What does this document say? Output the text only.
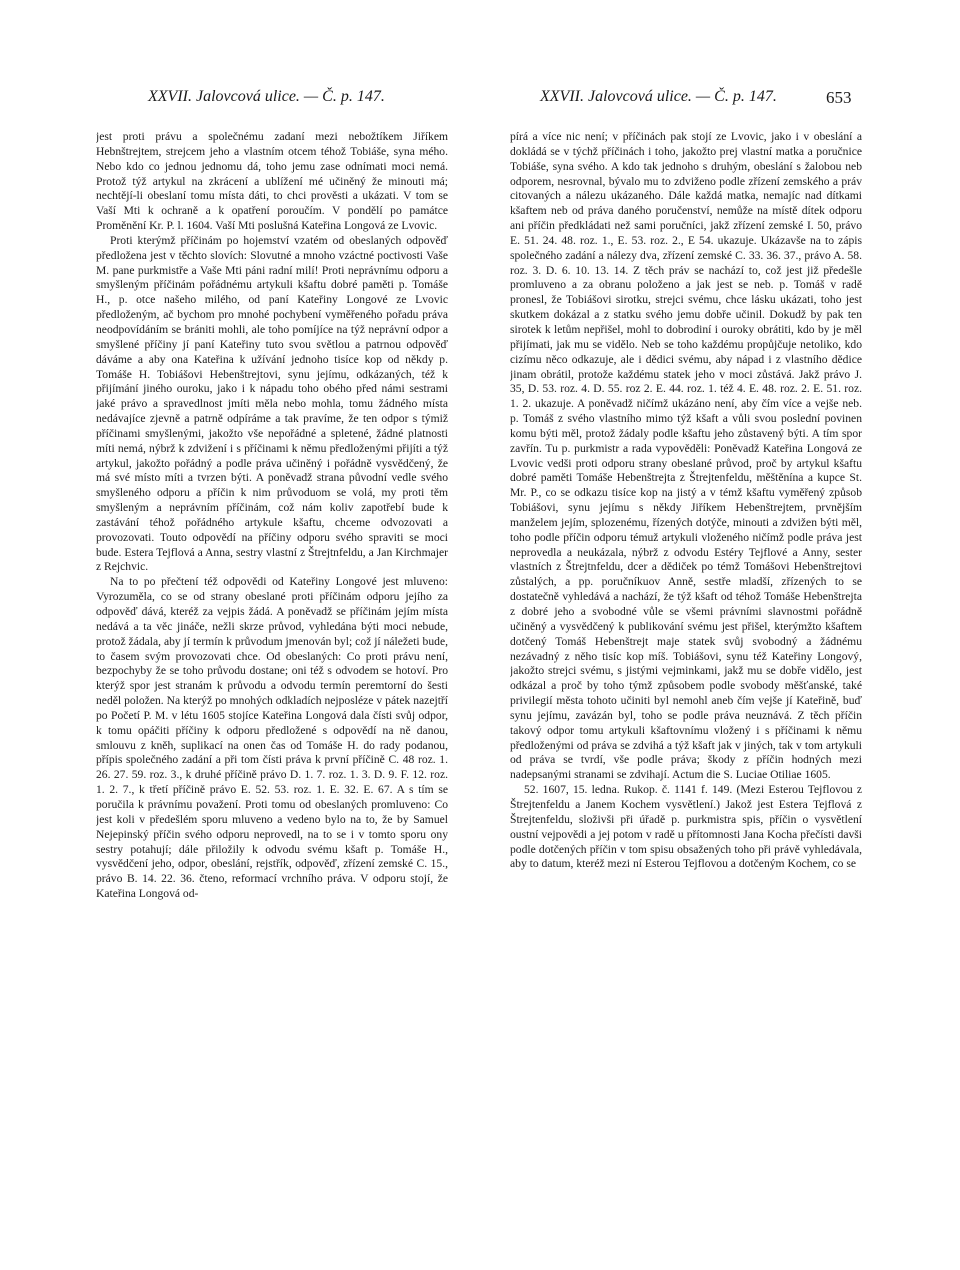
XXVII. Jalovcová ulice. — Č. p. 147.	XXVII. Jalovcová ulice. — Č. p. 147.	653

jest proti právu a společnému zadaní mezi nebožtíkem Jiříkem Hebnštrejtem, strejcem jeho a vlastním otcem téhož Tobiáše, syna mého. Nebo kdo co jednou jednomu dá, toho jemu zase odnímati moci nemá. Protož týž artykul na zkrácení a ublížení mé učiněný že minouti má; nechtějí-li obeslaní tomu místa dáti, to chci prověsti a ukázati. V tom se Vaší Mti k ochraně a k opatření poroučím. V pondělí po památce Proměnění Kr. P. l. 1604. Vaší Mti poslušná Kateřina Longová ze Lvovic.

Proti kterýmž příčinám po hojemství vzatém od obeslaných odpověď předložena jest v těchto slovích: Slovutné a mnoho vzáctné poctivosti Vaše M. pane purkmistře a Vaše Mti páni radní milí! Proti neprávnímu odporu a smyšleným příčinám pořádnému artykuli kšaftu dobré paměti p. Tomáše H., p. otce našeho milého, od paní Kateřiny Longové ze Lvovic předloženým, ač bychom pro mnohé pochybení vyměřeného pořadu práva neodpovídáním se brániti mohli, ale toho pomíjíce na týž neprávní odpor a smyšlené příčiny jí paní Kateřiny tuto svou světlou a patrnou odpověď dáváme a aby ona Kateřina k užívání jednoho tisíce kop od někdy p. Tomáše H. Tobiášovi Hebenštrejtovi, synu jejímu, odkázaných, též k přijímání jiného ouroku, jako i k nápadu toho obého před námi sestrami jaké právo a spravedlnost jmíti měla nebo mohla, tomu žádného místa nedávajíce zjevně a patrně odpíráme a tak pravíme, že ten odpor s týmiž příčinami smyšlenými, jakožto vše nepořádné a spletené, žádné platnosti míti nemá, nýbrž k zdvižení i s příčinami k němu předloženými přijíti a týž artykul, jakožto pořádný a podle práva učiněný i pořádně vysvědčený, že má své místo míti a tvrzen býti. A poněvadž strana původní vedle svého smyšleného odporu a příčin k nim průvoduom se volá, my proti těm smyšleným a neprávním příčinám, což nám koliv zapotřebí bude k zastávání téhož pořádného artykule kšaftu, chceme odvozovati a provozovati. Touto odpovědí na příčiny odporu svého spraviti se moci bude. Estera Tejflová a Anna, sestry vlastní z Štrejtnfeldu, a Jan Kirchmajer z Rejchvic.

Na to po přečtení též odpovědi od Kateřiny Longové jest mluveno: Vyrozuměla, co se od strany obeslané proti příčinám odporu jejího za odpověď dává, kteréž za vejpis žádá. A poněvadž se příčinám jejím místa nedává a ta věc jináče, nežli skrze průvod, vyhledána býti moci nebude, protož žádala, aby jí termín k průvodum jmenován byl; což jí náležeti bude, to časem svým provozovati chce. Od obeslaných: Co proti právu není, bezpochyby že se toho průvodu dostane; oni též s odvodem se hotoví. Pro kterýž spor jest stranám k průvodu a odvodu termín peremtorní do šesti neděl položen. Na kterýž po mnohých odkladích nejposléze v pátek nazejtří po Početí P. M. v létu 1605 stojíce Kateřina Longová dala čísti svůj odpor, k tomu opáčiti příčiny k odporu předložené s odpovědí na ně danou, smlouvu z kněh, suplikací na onen čas od Tomáše H. do rady podanou, přípis společného zadání a při tom čísti práva k první příčině C. 48 roz. 1. 26. 27. 59. roz. 3., k druhé příčině právo D. 1. 7. roz. 1. 3. D. 9. F. 12. roz. 1. 2. 7., k třetí příčině právo E. 52. 53. roz. 1. E. 32. E. 67. A s tím se poručila k právnímu považení. Proti tomu od obeslaných promluveno: Co jest koli v předešlém sporu mluveno a vedeno bylo na to, že by Samuel Nejepinský příčin svého odporu neprovedl, na to se i v tomto sporu ony sestry potahují; dále přiložily k odvodu svému kšaft p. Tomáše H., vysvědčení jeho, odpor, obeslání, rejstřík, odpověď, zřízení zemské C. 15., právo B. 14. 22. 36. čteno, reformací vrchního práva. V odporu stojí, že Kateřina Longová od-

pírá a více nic není; v příčinách pak stojí ze Lvovic, jako i v obeslání a dokládá se v týchž příčinách i toho, jakožto prej vlastní matka a poručnice Tobiáše, syna svého. A kdo tak jednoho s druhým, obeslání s žalobou neb odporem, nesrovnal, bývalo mu to zdviženo podle zřízení zemského a práv citovaných a nálezu ukázaného. Dále každá matka, nemajíc nad dítkami kšaftem neb od práva daného poručenství, nemůže na místě dítek odporu ani příčin předkládati než sami poručníci, jakž zřízení zemské I. 50, právo E. 51. 24. 48. roz. 1., E. 53. roz. 2., E 54. ukazuje. Ukázavše na to zápis společného zadání a nálezy dva, zřízení zemské C. 33. 36. 37., právo A. 58. roz. 3. D. 6. 10. 13. 14. Z těch práv se nachází to, což jest již předešle promluveno a za obranu položeno a jak jest se neb. p. Tomáš v radě pronesl, že Tobiášovi sirotku, strejci svému, chce lásku ukázati, toho jest skutkem dokázal a z statku svého jemu dobře učinil. Dokudž by pak ten sirotek k letům nepřišel, mohl to dobrodiní i ouroky obrátiti, kdo by je měl přijímati, jak mu se vidělo. Neb se toho každému propůjčuje netoliko, kdo cizímu něco odkazuje, ale i dědici svému, aby nápad i z vlastního dědice jinam obrátil, protože každému statek jeho v moci zůstává. Jakž právo J. 35, D. 53. roz. 4. D. 55. roz 2. E. 44. roz. 1. též 4. E. 48. roz. 2. E. 51. roz. 1. 2. ukazuje. A poněvadž ničímž ukázáno není, aby čím více a vejše neb. p. Tomáš z svého vlastního mimo týž kšaft a vůli svou poslední povinen komu býti měl, protož žádaly podle kšaftu jeho zůstavený býti. A tím spor zavřín. Tu p. purkmistr a rada vypověděli: Poněvadž Kateřina Longová ze Lvovic vedši proti odporu strany obeslané průvod, proč by artykul kšaftu dobré paměti Tomáše Hebenštrejta z Štrejtenfeldu, měštěnína a kupce St. Mr. P., co se odkazu tisíce kop na jistý a v témž kšaftu vyměřený způsob Tobiášovi, synu jejímu s někdy Jiříkem Hebenštrejtem, prvnějším manželem jejím, splozenému, řízených dotýče, minouti a zdvižen býti měl, toho podle příčin odporu témuž artykuli vloženého ničímž podle práva jest neprovedla a neukázala, nýbrž z odvodu Estéry Tejflové a Anny, sester vlastních z Štrejtnfeldu, dcer a dědiček po témž Tomášovi Hebenštrejtovi zůstalých, a pp. poručníkuov Anně, sestře mladší, zřízených to se dostatečně vyhledává a nachází, že týž kšaft od téhož Tomáše Hebenštrejta z dobré jeho a svobodné vůle se všemi právními slavnostmi pořádně učiněný a vysvědčený k publikování svému jest přišel, kterýmžto kšaftem dotčený Tomáš Hebenštrejt maje statek svůj svobodný a žádnému nezávadný z něho tisíc kop míš. Tobiášovi, synu též Kateřiny Longový, jakožto strejci svému, s jistými vejminkami, jakž mu se dobře vidělo, jest odkázal a proč by toho týmž způsobem podle svobody měšťanské, také privilegií města tohoto učiniti byl nemohl aneb čím vejše jí Kateřině, buď synu jejímu, zavázán byl, toho se podle práva neuznává. Z těch příčin takový odpor tomu artykuli kšaftovnímu vložený i s příčinami k němu předloženými od práva se zdvihá a týž kšaft jak v jiných, tak v tom artykuli od práva se tvrdí, vše podle práva; škody z příčin hodných mezi nadepsanými stranami se zdvihají. Actum die S. Luciae Otiliae 1605.

52. 1607, 15. ledna. Rukop. č. 1141 f. 149. (Mezi Esterou Tejflovou z Štrejtenfeldu a Janem Kochem vysvětlení.) Jakož jest Estera Tejflová z Štrejtenfeldu, složivši při úřadě p. purkmistra spis, příčin o vysvětlení oustní vejpovědi a jej potom v radě u přítomnosti Jana Kocha přečísti davši podle dotčených příčin v tom spisu obsažených toho při právě vyhledávala, aby to datum, kteréž mezi ní Esterou Tejflovou a dotčeným Kochem, co se
